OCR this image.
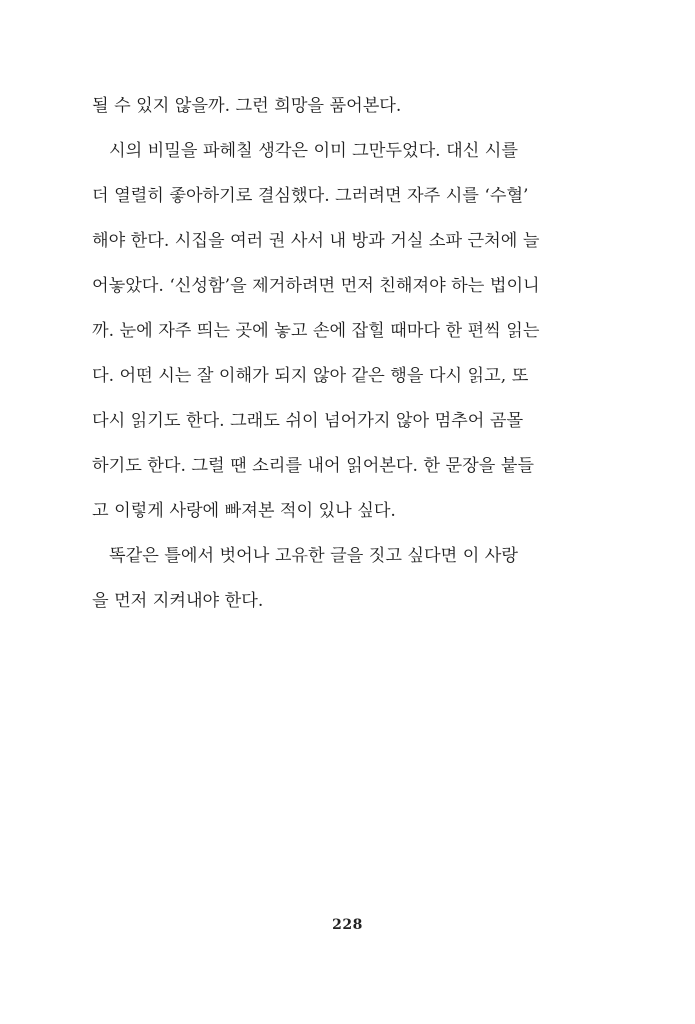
될 수 있지 않을까. 그런 희망을 품어본다.
시의 비밀을 파헤칠 생각은 이미 그만두었다. 대신 시를
더 열렬히 좋아하기로 결심했다. 그러려면 자주 시를 ‘수혈’
해야 한다. 시집을 여러 권 사서 내 방과 거실 소파 근처에 늘
어놓았다. ‘신성함’을 제거하려면 먼저 친해져야 하는 법이니
까. 눈에 자주 띄는 곳에 놓고 손에 잡힐 때마다 한 편씩 읽는
다. 어떤 시는 잘 이해가 되지 않아 같은 행을 다시 읽고, 또
다시 읽기도 한다. 그래도 쉬이 넘어가지 않아 멈추어 곰몰
하기도 한다. 그럴 땐 소리를 내어 읽어본다. 한 문장을 붙들
고 이렇게 사랑에 빠져본 적이 있나 싶다.
똑같은 틀에서 벗어나 고유한 글을 짓고 싶다면 이 사랑
을 먼저 지켜내야 한다.
228
